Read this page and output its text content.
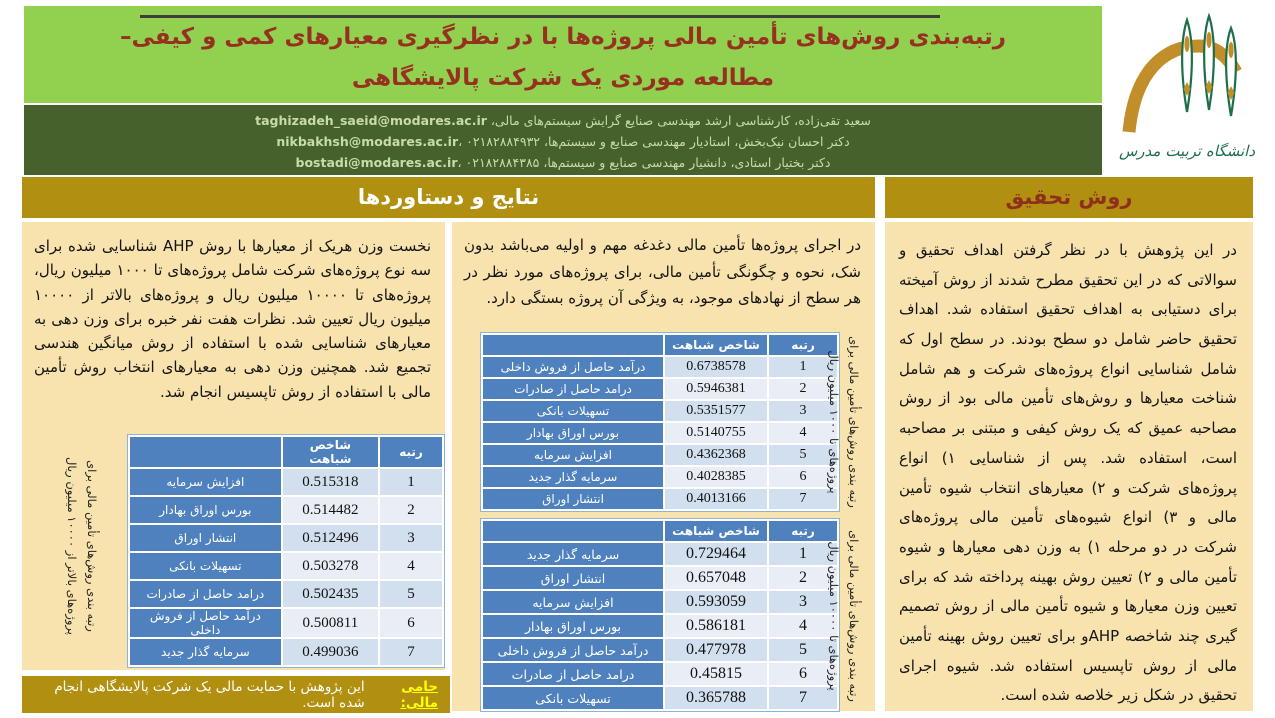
رتبه‌بندی روش‌های تأمین مالی پروژه‌ها با در نظرگیری معیارهای کمی و کیفی–
مطالعه موردی یک شرکت پالایشگاهی
سعید تقی‌زاده، کارشناسی ارشد مهندسی صنایع گرایش سیستم‌های مالی، taghizadeh_saeid@modares.ac.ir
دکتر احسان نیک‌بخش، استادیار مهندسی صنایع و سیستم‌ها، nikbakhsh@modares.ac.ir، ۰۲۱۸۲۸۸۴۹۳۲
دکتر بختیار استادی، دانشیار مهندسی صنایع و سیستم‌ها، bostadi@modares.ac.ir، ۰۲۱۸۲۸۸۴۳۸۵
دانشگاه تربیت مدرس
نتایج و دستاوردها	روش تحقیق

نخست وزن هریک از معیارها با روش AHP شناسایی شده برای سه نوع پروژه‌های شرکت شامل پروژه‌های تا ۱۰۰۰ میلیون ریال، پروژه‌های تا ۱۰۰۰۰ میلیون ریال و پروژه‌های بالاتر از ۱۰۰۰۰ میلیون ریال تعیین شد. نظرات هفت نفر خبره برای وزن دهی به معیارهای شناسایی شده با استفاده از روش میانگین هندسی تجمیع شد. همچنین وزن دهی به معیارهای انتخاب روش تأمین مالی با استفاده از روش تاپسیس انجام شد.

رتبه بندی روش‌های تأمین مالی برای
پروژه‌های بالاتر از ۱۰۰۰۰ میلیون ریال
رتبه	شاخص شباهت	
1	0.515318	افزایش سرمایه
2	0.514482	بورس اوراق بهادار
3	0.512496	انتشار اوراق
4	0.503278	تسهیلات بانکی
5	0.502435	درامد حاصل از صادرات
6	0.500811	درآمد حاصل از فروش داخلی
7	0.499036	سرمایه گذار جدید

در اجرای پروژه‌ها تأمین مالی دغدغه مهم و اولیه می‌باشد بدون شک، نحوه و چگونگی تأمین مالی، برای پروژه‌های مورد نظر در هر سطح از نهادهای موجود، به ویژگی آن پروژه بستگی دارد.

رتبه	شاخص شباهت	
1	0.6738578	درآمد حاصل از فروش داخلی
2	0.5946381	درامد حاصل از صادرات
3	0.5351577	تسهیلات بانکی
4	0.5140755	بورس اوراق بهادار
5	0.4362368	افزایش سرمایه
6	0.4028385	سرمایه گذار جدید
7	0.4013166	انتشار اوراق	رتبه بندی روش‌های تأمین مالی برای
پروژه‌های تا ۱۰۰۰ میلیون ریال
رتبه	شاخص شباهت	
1	0.729464	سرمایه گذار جدید
2	0.657048	انتشار اوراق
3	0.593059	افزایش سرمایه
4	0.586181	بورس اوراق بهادار
5	0.477978	درآمد حاصل از فروش داخلی
6	0.45815	درامد حاصل از صادرات
7	0.365788	تسهیلات بانکی	رتبه بندی روش‌های تأمین مالی برای
پروژه‌های تا ۱۰۰۰۰ میلیون ریال

در این پژوهش با در نظر گرفتن اهداف تحقیق و سوالاتی که در این تحقیق مطرح شدند از روش آمیخته برای دستیابی به اهداف تحقیق استفاده شد. اهداف تحقیق حاضر شامل دو سطح بودند. در سطح اول که شامل شناسایی انواع پروژه‌های شرکت و هم شامل شناخت معیارها و روش‌های تأمین مالی بود از روش مصاحبه عمیق که یک روش کیفی و مبتنی بر مصاحبه است، استفاده شد. پس از شناسایی ۱) انواع پروژه‌های شرکت و ۲) معیارهای انتخاب شیوه تأمین مالی و ۳) انواع شیوه‌های تأمین مالی پروژه‌های شرکت در دو مرحله ۱) به وزن دهی معیارها و شیوه تأمین مالی و ۲) تعیین روش بهینه پرداخته شد که برای تعیین وزن معیارها و شیوه تأمین مالی از روش تصمیم گیری چند شاخصه AHPو برای تعیین روش بهینه تأمین مالی از روش تاپسیس استفاده شد. شیوه اجرای تحقیق در شکل زیر خلاصه شده است.

حامی مالی:
این پژوهش با حمایت مالی یک شرکت پالایشگاهی انجام شده است.
